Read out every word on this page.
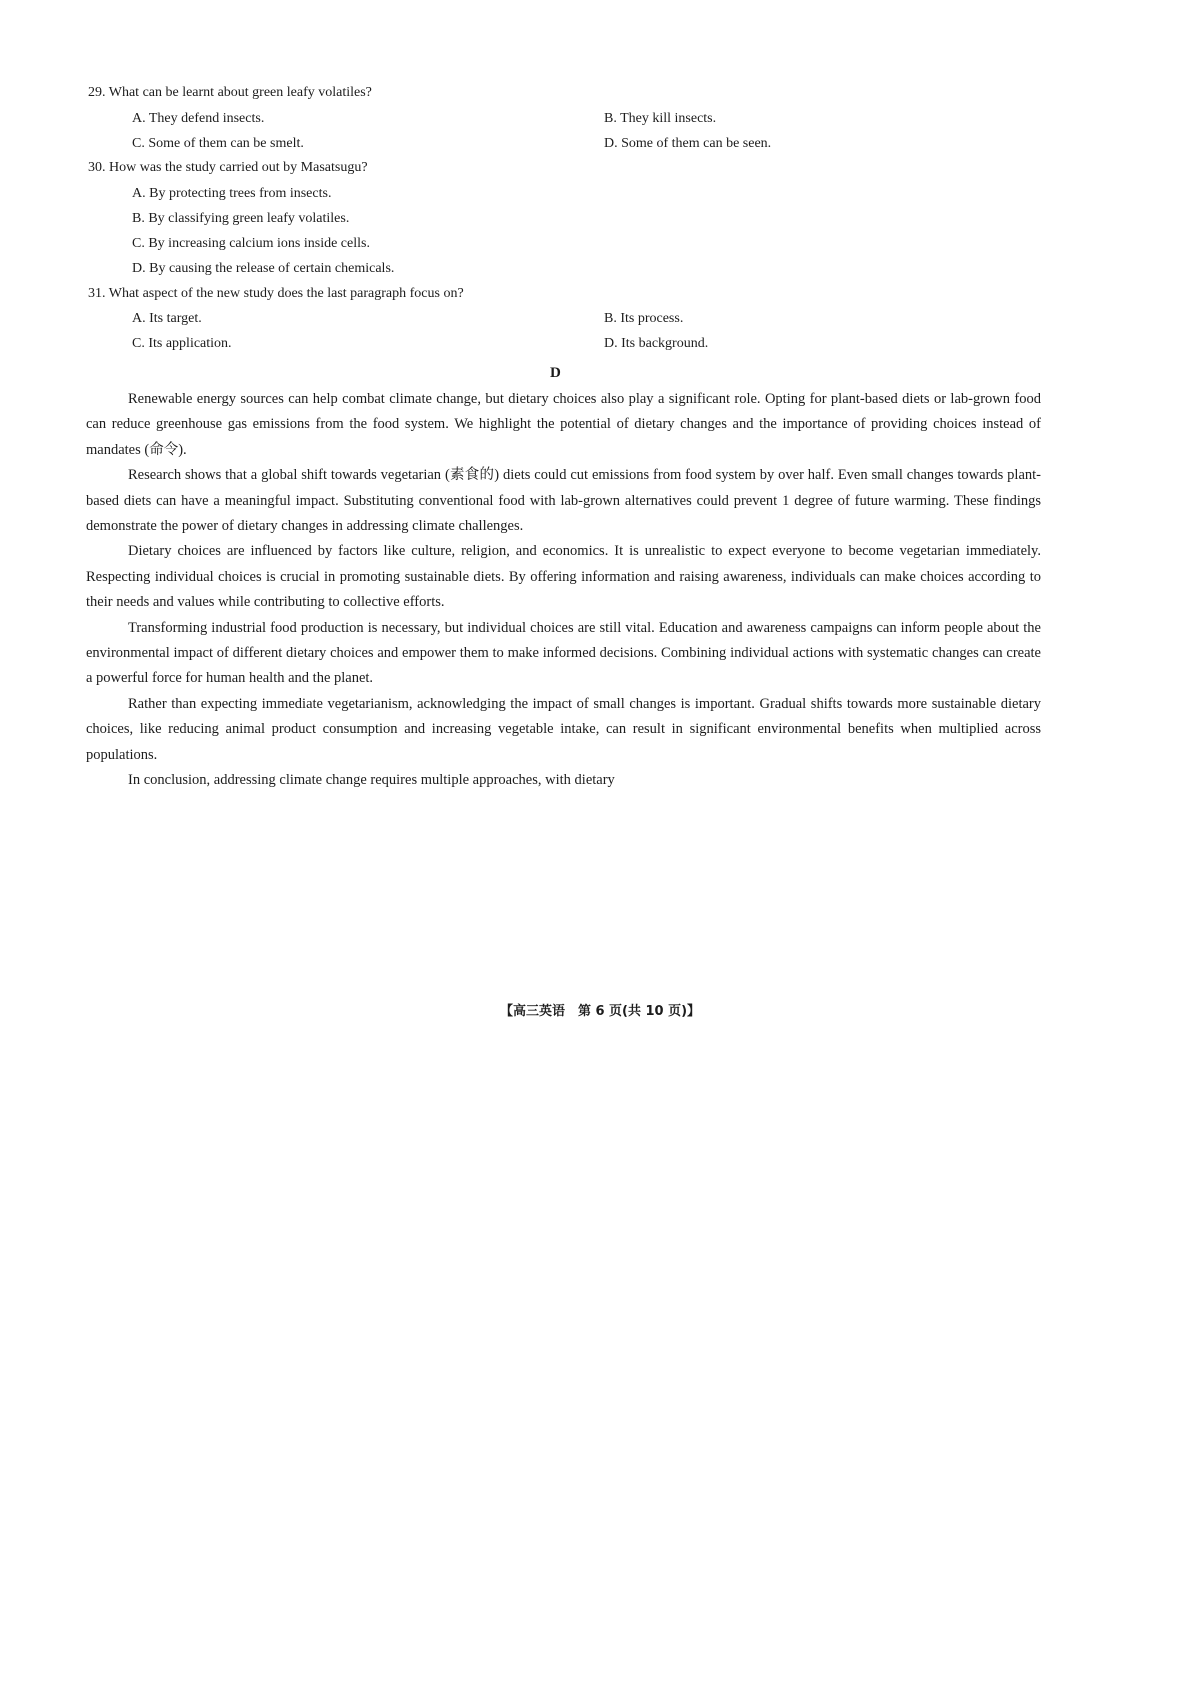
29. What can be learnt about green leafy volatiles?
A. They defend insects.	B. They kill insects.
C. Some of them can be smelt.	D. Some of them can be seen.
30. How was the study carried out by Masatsugu?
A. By protecting trees from insects.
B. By classifying green leafy volatiles.
C. By increasing calcium ions inside cells.
D. By causing the release of certain chemicals.
31. What aspect of the new study does the last paragraph focus on?
A. Its target.	B. Its process.
C. Its application.	D. Its background.
D

Renewable energy sources can help combat climate change, but dietary choices also play a significant role. Opting for plant-based diets or lab-grown food can reduce greenhouse gas emissions from the food system. We highlight the potential of dietary changes and the importance of providing choices instead of mandates (命令).

Research shows that a global shift towards vegetarian (素食的) diets could cut emissions from food system by over half. Even small changes towards plant-based diets can have a meaningful impact. Substituting conventional food with lab-grown alternatives could prevent 1 degree of future warming. These findings demonstrate the power of dietary changes in addressing climate challenges.

Dietary choices are influenced by factors like culture, religion, and economics. It is unrealistic to expect everyone to become vegetarian immediately. Respecting individual choices is crucial in promoting sustainable diets. By offering information and raising awareness, individuals can make choices according to their needs and values while contributing to collective efforts.

Transforming industrial food production is necessary, but individual choices are still vital. Education and awareness campaigns can inform people about the environmental impact of different dietary choices and empower them to make informed decisions. Combining individual actions with systematic changes can create a powerful force for human health and the planet.

Rather than expecting immediate vegetarianism, acknowledging the impact of small changes is important. Gradual shifts towards more sustainable dietary choices, like reducing animal product consumption and increasing vegetable intake, can result in significant environmental benefits when multiplied across populations.

In conclusion, addressing climate change requires multiple approaches, with dietary

【高三英语　第 6 页(共 10 页)】
